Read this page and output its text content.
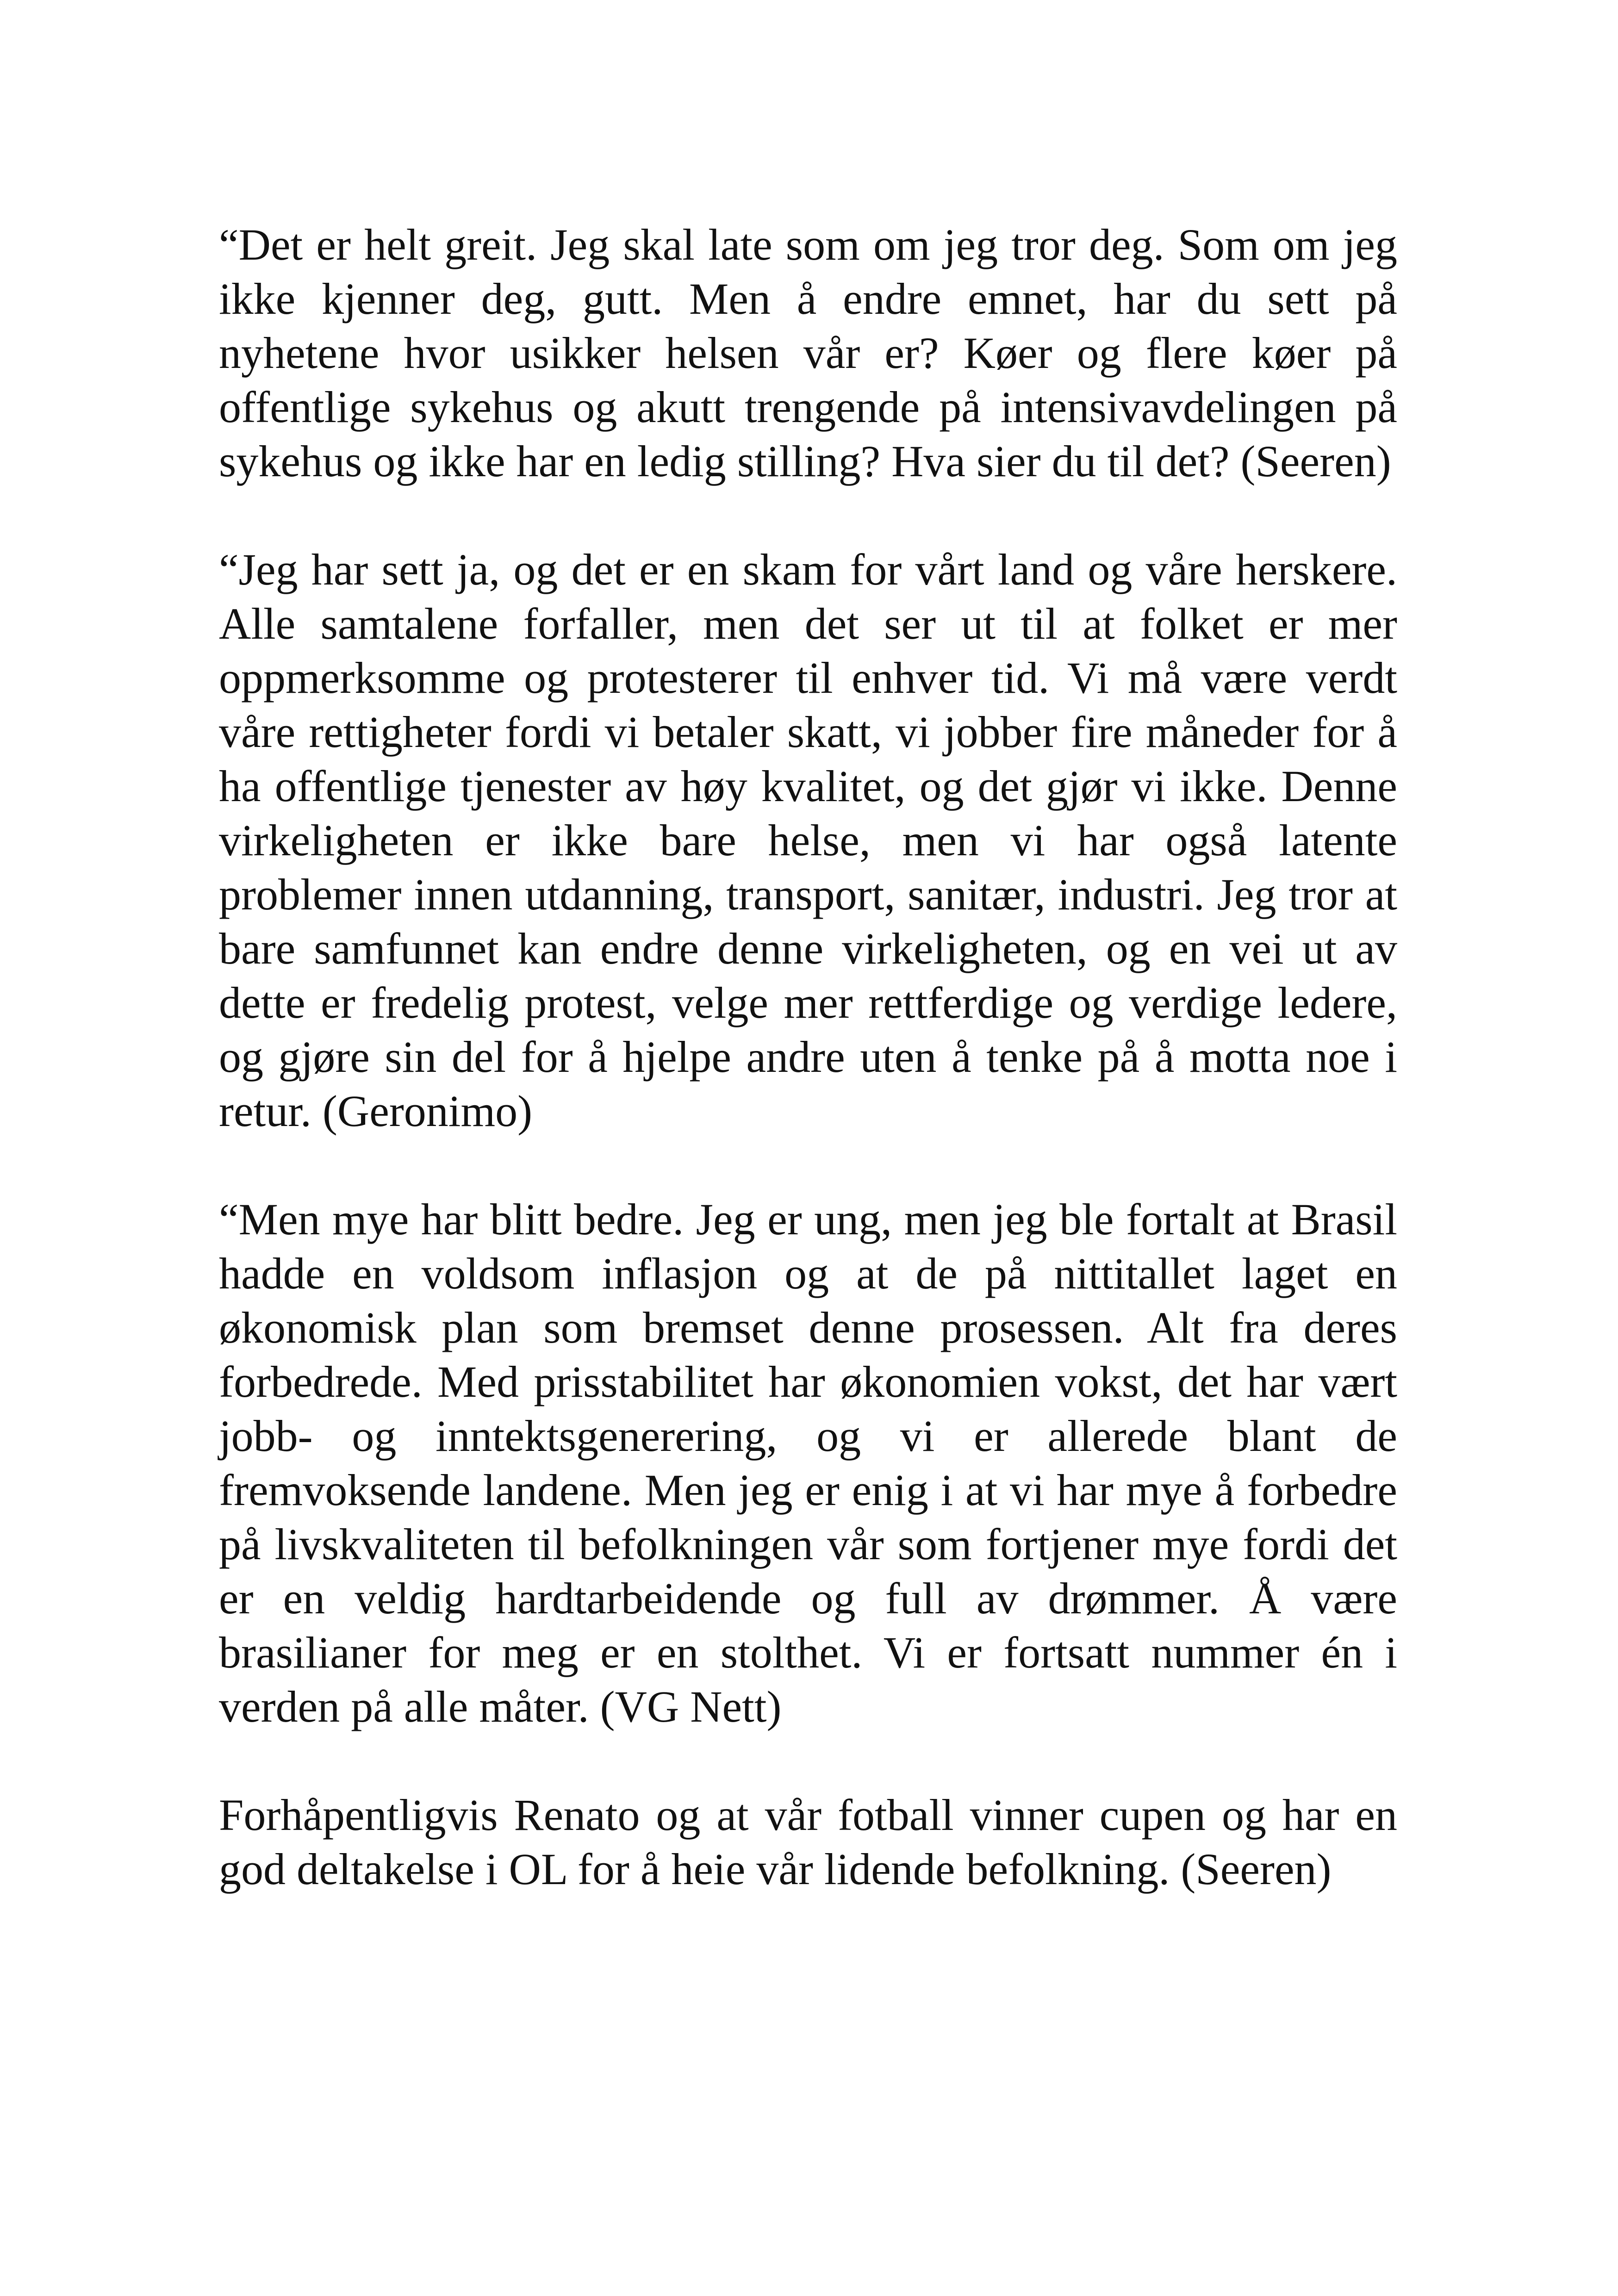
“Det er helt greit. Jeg skal late som om jeg tror deg. Som om jeg ikke kjenner deg, gutt. Men å endre emnet, har du sett på nyhetene hvor usikker helsen vår er? Køer og flere køer på offentlige sykehus og akutt trengende på intensivavdelingen på sykehus og ikke har en ledig stilling? Hva sier du til det? (Seeren)

“Jeg har sett ja, og det er en skam for vårt land og våre herskere. Alle samtalene forfaller, men det ser ut til at folket er mer oppmerksomme og protesterer til enhver tid. Vi må være verdt våre rettigheter fordi vi betaler skatt, vi jobber fire måneder for å ha offentlige tjenester av høy kvalitet, og det gjør vi ikke. Denne virkeligheten er ikke bare helse, men vi har også latente problemer innen utdanning, transport, sanitær, industri. Jeg tror at bare samfunnet kan endre denne virkeligheten, og en vei ut av dette er fredelig protest, velge mer rettferdige og verdige ledere, og gjøre sin del for å hjelpe andre uten å tenke på å motta noe i retur. (Geronimo)

“Men mye har blitt bedre. Jeg er ung, men jeg ble fortalt at Brasil hadde en voldsom inflasjon og at de på nittitallet laget en økonomisk plan som bremset denne prosessen. Alt fra deres forbedrede. Med prisstabilitet har økonomien vokst, det har vært jobb- og inntektsgenerering, og vi er allerede blant de fremvoksende landene. Men jeg er enig i at vi har mye å forbedre på livskvaliteten til befolkningen vår som fortjener mye fordi det er en veldig hardtarbeidende og full av drømmer. Å være brasilianer for meg er en stolthet. Vi er fortsatt nummer én i verden på alle måter. (VG Nett)

Forhåpentligvis Renato og at vår fotball vinner cupen og har en god deltakelse i OL for å heie vår lidende befolkning. (Seeren)
